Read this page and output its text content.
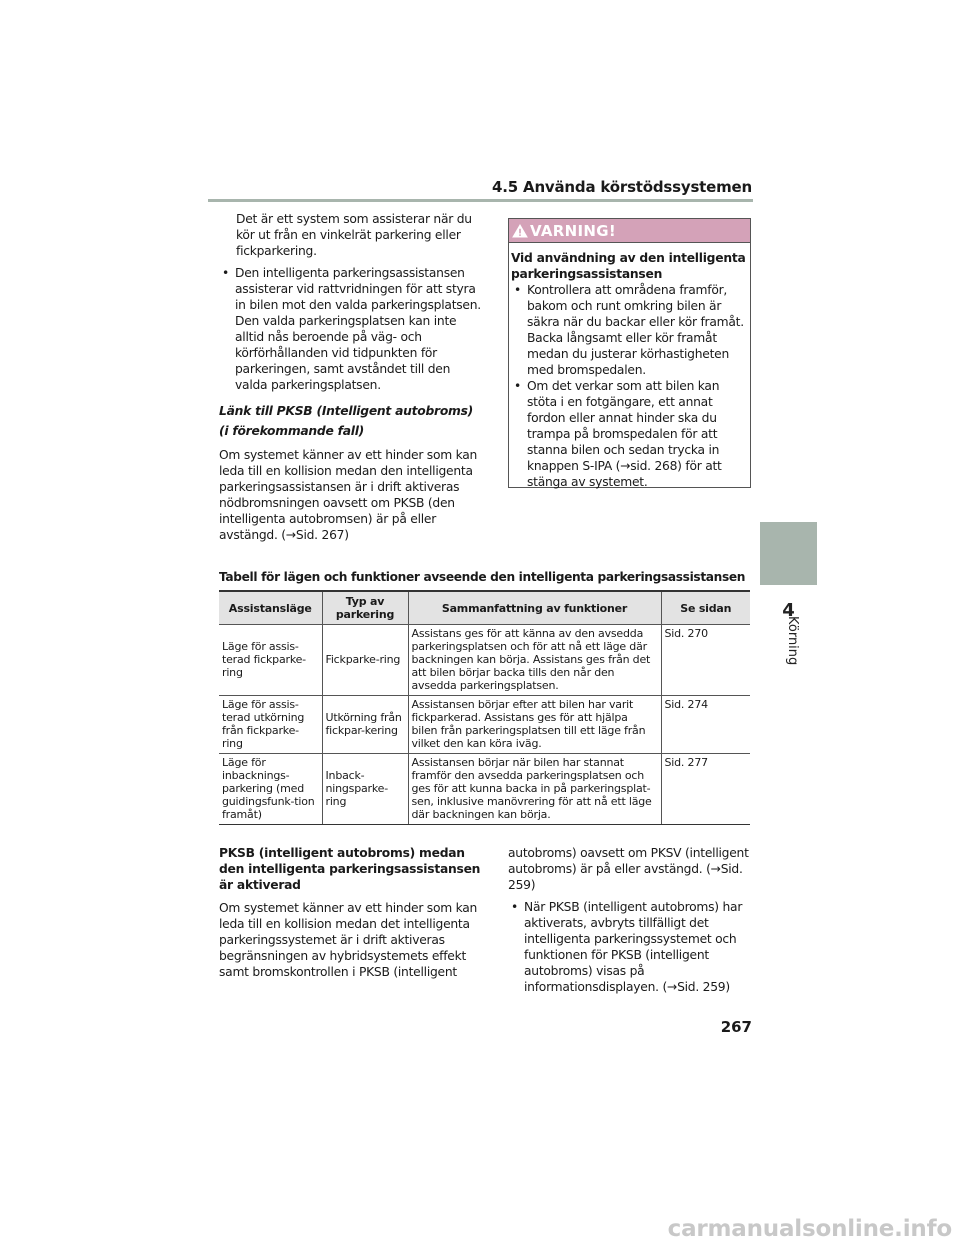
4.5 Använda körstödssystemen

Det är ett system som assisterar när du kör ut från en vinkelrät parkering eller fickparkering.

• Den intelligenta parkeringsassistansen assisterar vid rattvridningen för att styra in bilen mot den valda parkeringsplatsen.
Den valda parkeringsplatsen kan inte alltid nås beroende på väg- och körförhållanden vid tidpunkten för parkeringen, samt avståndet till den valda parkeringsplatsen.

Länk till PKSB (Intelligent autobroms)
(i förekommande fall)

Om systemet känner av ett hinder som kan leda till en kollision medan den intelligenta parkeringsassistansen är i drift aktiveras nödbromsningen oavsett om PKSB (den intelligenta autobromsen) är på eller avstängd. (→Sid. 267)

VARNING!

Vid användning av den intelligenta parkeringsassistansen

• Kontrollera att områdena framför, bakom och runt omkring bilen är säkra när du backar eller kör framåt. Backa långsamt eller kör framåt medan du justerar körhastigheten med bromspedalen.
• Om det verkar som att bilen kan stöta i en fotgängare, ett annat fordon eller annat hinder ska du trampa på bromspedalen för att stanna bilen och sedan trycka in knappen S-IPA (→sid. 268) för att stänga av systemet.
Tabell för lägen och funktioner avseende den intelligenta parkeringsassistansen
Assistansläge	Typ av parkering	Sammanfattning av funktioner	Se sidan
Läge för assis-terad fickparke-ring	Fickparke-ring	Assistans ges för att känna av den avsedda parkeringsplatsen och för att nå ett läge där backningen kan börja. Assistans ges från det att bilen börjar backa tills den når den avsedda parkeringsplatsen.	Sid. 270
Läge för assis-terad utkörning från fickparke-ring	Utkörning från fickpar-kering	Assistansen börjar efter att bilen har varit fickparkerad. Assistans ges för att hjälpa bilen från parkeringsplatsen till ett läge från vilket den kan köra iväg.	Sid. 274
Läge för inbacknings-parkering (med guidingsfunk-tion framåt)	Inback-ningsparke-ring	Assistansen börjar när bilen har stannat framför den avsedda parkeringsplatsen och ges för att kunna backa in på parkeringsplat-sen, inklusive manövrering för att nå ett läge där backningen kan börja.	Sid. 277

PKSB (intelligent autobroms) medan den intelligenta parkeringsassistansen är aktiverad

Om systemet känner av ett hinder som kan leda till en kollision medan det intelligenta parkeringssystemet är i drift aktiveras begränsningen av hybridsystemets effekt samt bromskontrollen i PKSB (intelligent

autobroms) oavsett om PKSV (intelligent autobroms) är på eller avstängd. (→Sid. 259)

• När PKSB (intelligent autobroms) har aktiverats, avbryts tillfälligt det intelligenta parkeringssystemet och funktionen för PKSB (intelligent autobroms) visas på informationsdisplayen. (→Sid. 259)
4
Körning
267
carmanualsonline.info
